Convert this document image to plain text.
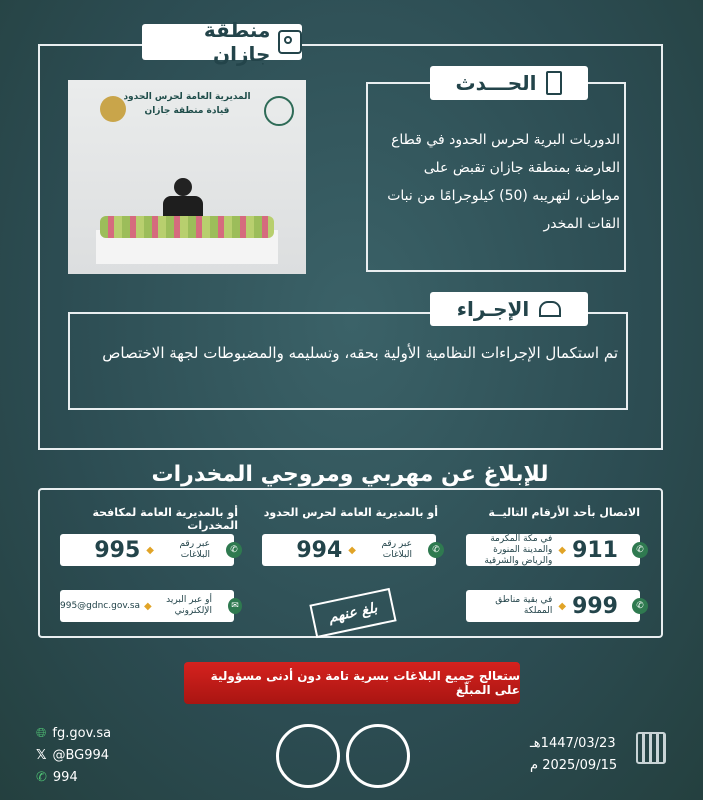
منطقة جازان
الحـــدث
الدوريات البرية لحرس الحدود في قطاع العارضة بمنطقة جازان تقبض على مواطن، لتهريبه (50) كيلوجرامًا من نبات القات المخدر
المديرية العامة لحرس الحدود
قيادة منطقة جازان
الإجـراء
تم استكمال الإجراءات النظامية الأولية بحقه، وتسليمه والمضبوطات لجهة الاختصاص
للإبلاغ عن مهربي ومروجي المخدرات
الاتصال بأحد الأرقام التاليــة
أو بالمديرية العامة لحرس الحدود
أو بالمديرية العامة لمكافحة المخدرات
✆
911
◆
في مكة المكرمة والمدينة المنورة والرياض والشرقية
✆
999
◆
في بقية مناطق المملكة
✆
عبر رقم البلاغات
◆
994
✆
عبر رقم البلاغات
◆
995
✉
أو عبر البريد الإلكتروني
◆
995@gdnc.gov.sa	بلغ عنهم
ستعالج جميع البلاغات بسرية تامة دون أدنى مسؤولية على المبلّغ
🌐︎ fg.gov.sa
𝕏 @BG994
✆ 994
1447/03/23هـ
2025/09/15 م
